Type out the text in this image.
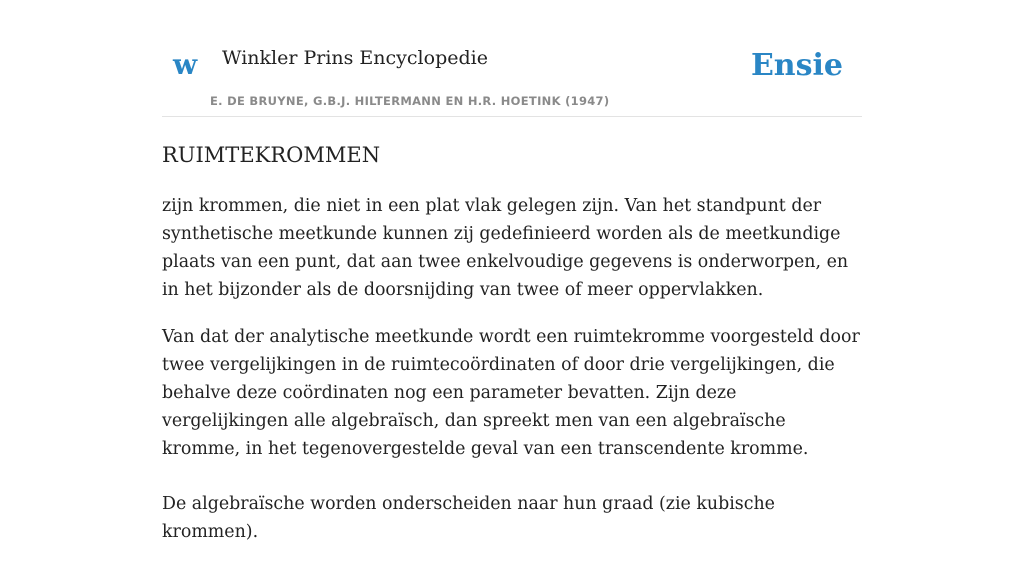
w Winkler Prins Encyclopedie
E. DE BRUYNE, G.B.J. HILTERMANN EN H.R. HOETINK (1947)
Ensie
RUIMTEKROMMEN

zijn krommen, die niet in een plat vlak gelegen zijn. Van het standpunt der synthetische meetkunde kunnen zij gedefinieerd worden als de meetkundige plaats van een punt, dat aan twee enkelvoudige gegevens is onderworpen, en in het bijzonder als de doorsnijding van twee of meer oppervlakken.

Van dat der analytische meetkunde wordt een ruimtekromme voorgesteld door twee vergelijkingen in de ruimtecoördinaten of door drie vergelijkingen, die behalve deze coördinaten nog een parameter bevatten. Zijn deze vergelijkingen alle algebraïsch, dan spreekt men van een algebraïsche kromme, in het tegenovergestelde geval van een transcendente kromme.

De algebraïsche worden onderscheiden naar hun graad (zie kubische krommen).
